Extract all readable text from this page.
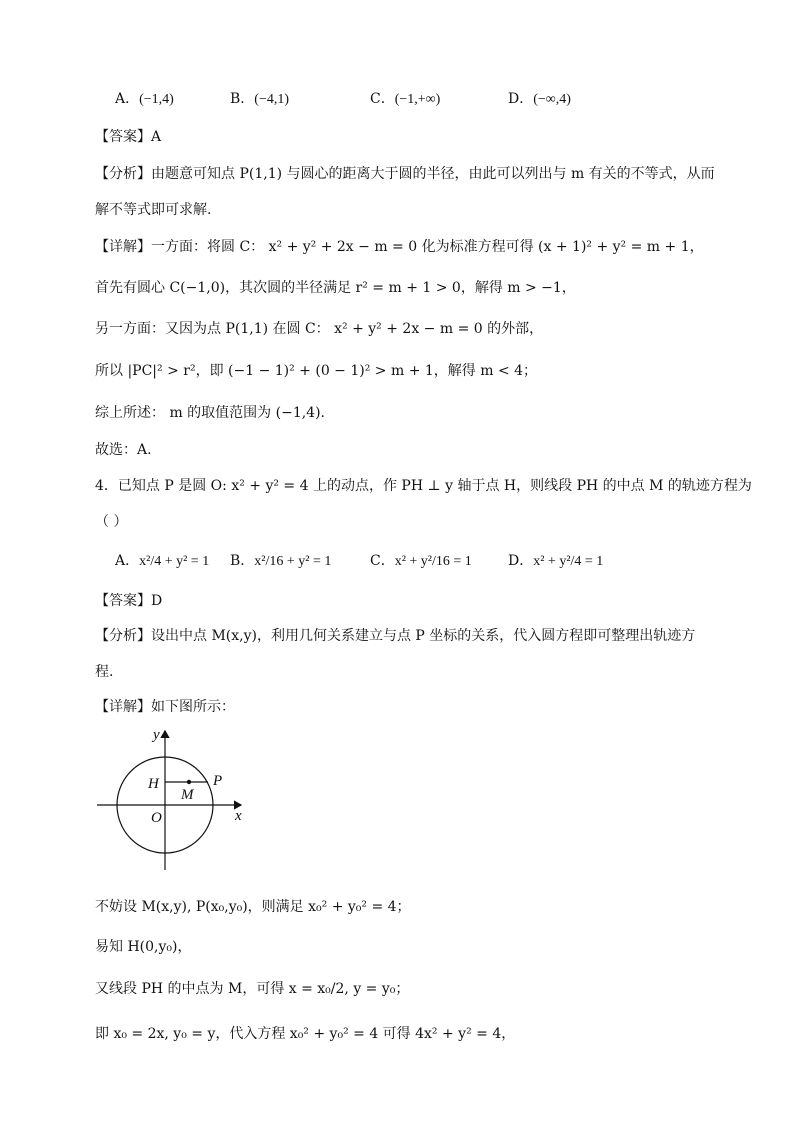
A．(−1,4)	B．(−4,1)	C．(−1,+∞)	D．(−∞,4)
【答案】A
【分析】由题意可知点 P(1,1) 与圆心的距离大于圆的半径，由此可以列出与 m 有关的不等式，从而
解不等式即可求解.
【详解】一方面：将圆 C： x² + y² + 2x − m = 0 化为标准方程可得 (x + 1)² + y² = m + 1，
首先有圆心 C(−1,0)，其次圆的半径满足 r² = m + 1 > 0，解得 m > −1，
另一方面：又因为点 P(1,1) 在圆 C： x² + y² + 2x − m = 0 的外部，
所以 |PC|² > r²，即 (−1 − 1)² + (0 − 1)² > m + 1，解得 m < 4；
综上所述： m 的取值范围为 (−1,4).
故选：A.
4．已知点 P 是圆 O: x² + y² = 4 上的动点，作 PH ⊥ y 轴于点 H，则线段 PH 的中点 M 的轨迹方程为
（ ）
A．x²/4 + y² = 1 B．x²/16 + y² = 1	C．x² + y²/16 = 1	D．x² + y²/4 = 1
【答案】D
【分析】设出中点 M(x,y)，利用几何关系建立与点 P 坐标的关系，代入圆方程即可整理出轨迹方
程.
【详解】如下图所示：
y
x
O
H
M
P
不妨设 M(x,y), P(x₀,y₀)，则满足 x₀² + y₀² = 4；
易知 H(0,y₀)，
又线段 PH 的中点为 M，可得 x = x₀/2, y = y₀；
即 x₀ = 2x, y₀ = y，代入方程 x₀² + y₀² = 4 可得 4x² + y² = 4，
